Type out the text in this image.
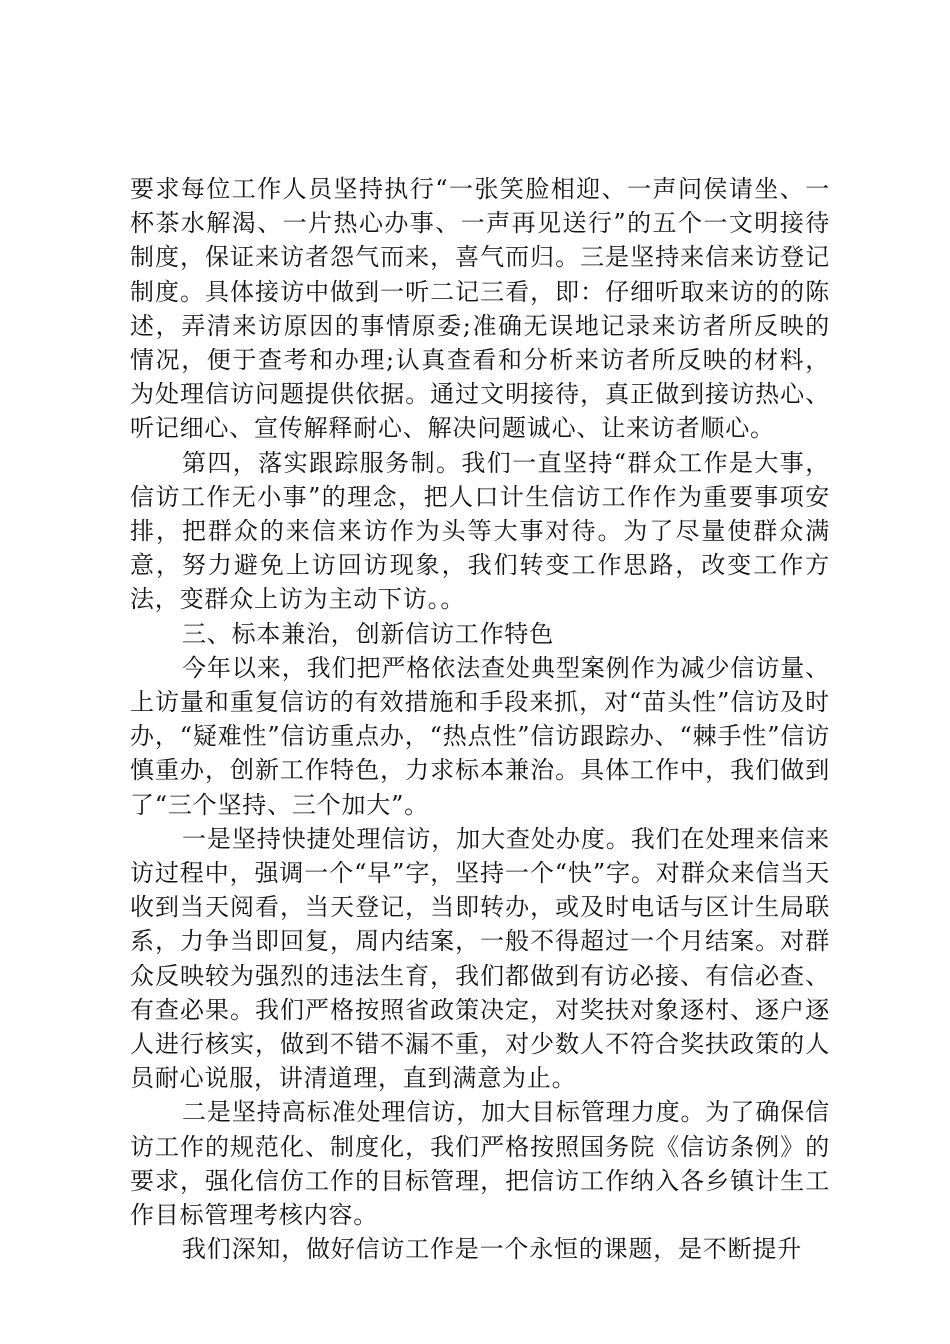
要求每位工作人员坚持执行“一张笑脸相迎、一声问侯请坐、一杯茶水解渴、一片热心办事、一声再见送行”的五个一文明接待制度，保证来访者怨气而来，喜气而归。三是坚持来信来访登记制度。具体接访中做到一听二记三看，即：仔细听取来访的的陈述，弄清来访原因的事情原委;准确无误地记录来访者所反映的情况，便于查考和办理;认真查看和分析来访者所反映的材料，为处理信访问题提供依据。通过文明接待，真正做到接访热心、听记细心、宣传解释耐心、解决问题诚心、让来访者顺心。

第四，落实跟踪服务制。我们一直坚持“群众工作是大事，信访工作无小事”的理念，把人口计生信访工作作为重要事项安排，把群众的来信来访作为头等大事对待。为了尽量使群众满意，努力避免上访回访现象，我们转变工作思路，改变工作方法，变群众上访为主动下访。。

三、标本兼治，创新信访工作特色

今年以来，我们把严格依法查处典型案例作为减少信访量、上访量和重复信访的有效措施和手段来抓，对“苗头性”信访及时办，“疑难性”信访重点办，“热点性”信访跟踪办、“棘手性”信访慎重办，创新工作特色，力求标本兼治。具体工作中，我们做到了“三个坚持、三个加大”。

一是坚持快捷处理信访，加大查处办度。我们在处理来信来访过程中，强调一个“早”字，坚持一个“快”字。对群众来信当天收到当天阅看，当天登记，当即转办，或及时电话与区计生局联系，力争当即回复，周内结案，一般不得超过一个月结案。对群众反映较为强烈的违法生育，我们都做到有访必接、有信必查、有查必果。我们严格按照省政策决定，对奖扶对象逐村、逐户逐人进行核实，做到不错不漏不重，对少数人不符合奖扶政策的人员耐心说服，讲清道理，直到满意为止。

二是坚持高标准处理信访，加大目标管理力度。为了确保信访工作的规范化、制度化，我们严格按照国务院《信访条例》的要求，强化信仿工作的目标管理，把信访工作纳入各乡镇计生工作目标管理考核内容。

我们深知，做好信访工作是一个永恒的课题，是不断提升
